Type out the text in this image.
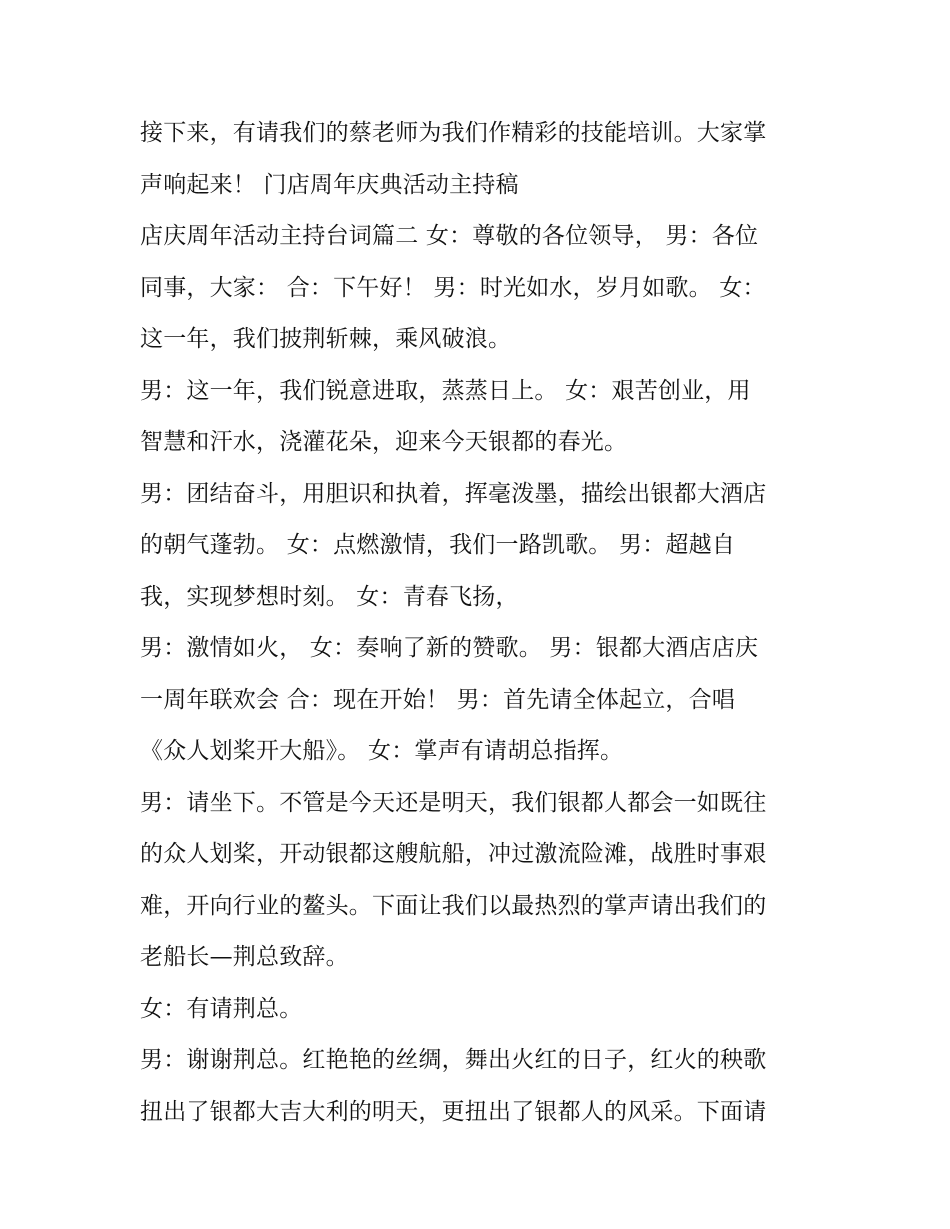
接下来，有请我们的蔡老师为我们作精彩的技能培训。大家掌
声响起来！ 门店周年庆典活动主持稿
店庆周年活动主持台词篇二 女：尊敬的各位领导， 男：各位
同事，大家： 合：下午好！ 男：时光如水，岁月如歌。 女：
这一年，我们披荆斩棘，乘风破浪。
男：这一年，我们锐意进取，蒸蒸日上。 女：艰苦创业，用
智慧和汗水，浇灌花朵，迎来今天银都的春光。
男：团结奋斗，用胆识和执着，挥毫泼墨，描绘出银都大酒店
的朝气蓬勃。 女：点燃激情，我们一路凯歌。 男：超越自
我，实现梦想时刻。 女：青春飞扬，
男：激情如火， 女：奏响了新的赞歌。 男：银都大酒店店庆
一周年联欢会 合：现在开始！ 男：首先请全体起立，合唱
《众人划桨开大船》。 女：掌声有请胡总指挥。
男：请坐下。不管是今天还是明天，我们银都人都会一如既往
的众人划桨，开动银都这艘航船，冲过激流险滩，战胜时事艰
难，开向行业的鳌头。下面让我们以最热烈的掌声请出我们的
老船长—荆总致辞。
女：有请荆总。
男：谢谢荆总。红艳艳的丝绸，舞出火红的日子，红火的秧歌
扭出了银都大吉大利的明天，更扭出了银都人的风采。下面请
